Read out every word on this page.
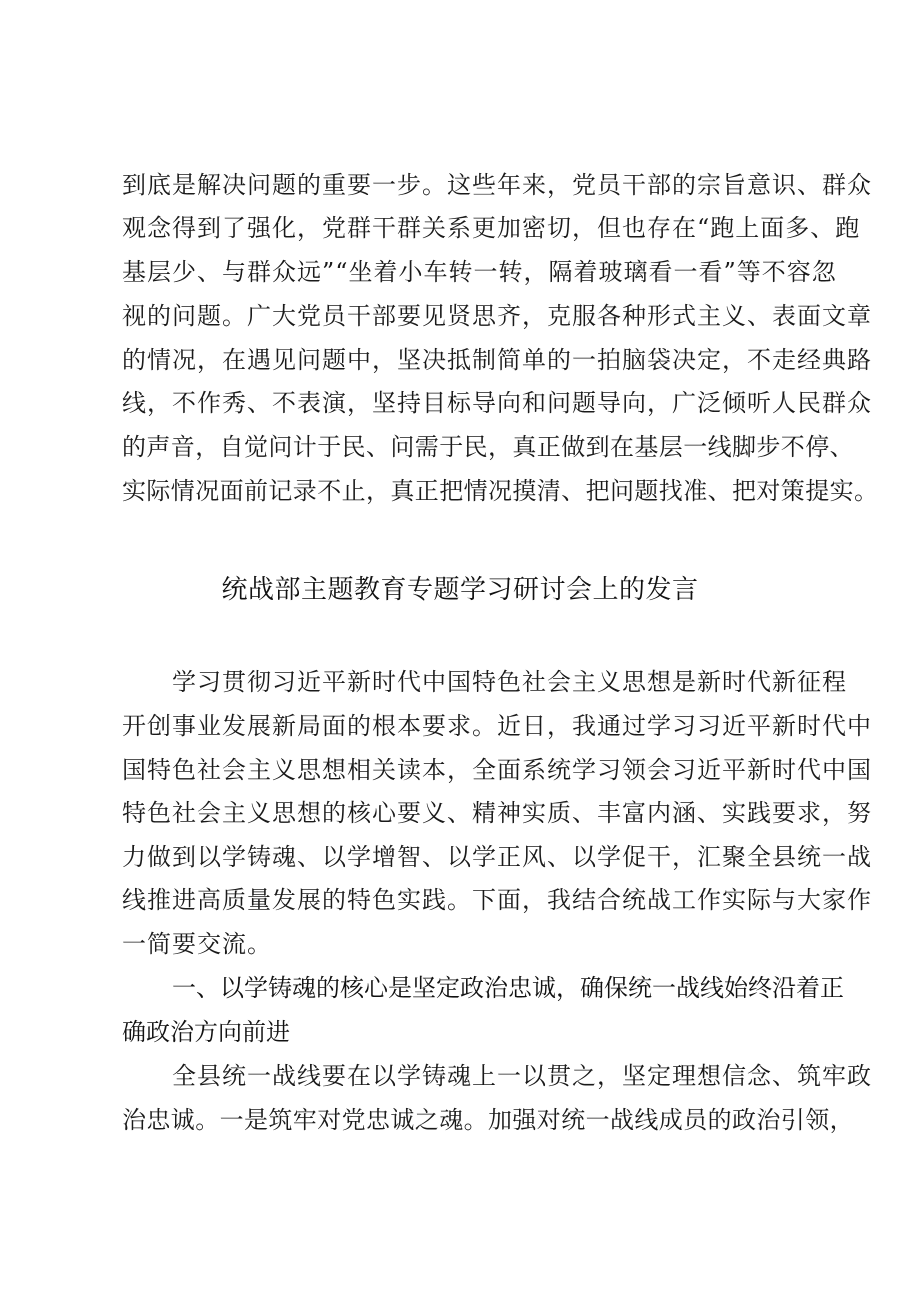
到底是解决问题的重要一步。这些年来，党员干部的宗旨意识、群众
观念得到了强化，党群干群关系更加密切，但也存在“跑上面多、跑
基层少、与群众远”“坐着小车转一转，隔着玻璃看一看”等不容忽
视的问题。广大党员干部要见贤思齐，克服各种形式主义、表面文章
的情况，在遇见问题中，坚决抵制简单的一拍脑袋决定，不走经典路
线，不作秀、不表演，坚持目标导向和问题导向，广泛倾听人民群众
的声音，自觉问计于民、问需于民，真正做到在基层一线脚步不停、
实际情况面前记录不止，真正把情况摸清、把问题找准、把对策提实。
统战部主题教育专题学习研讨会上的发言
学习贯彻习近平新时代中国特色社会主义思想是新时代新征程
开创事业发展新局面的根本要求。近日，我通过学习习近平新时代中
国特色社会主义思想相关读本，全面系统学习领会习近平新时代中国
特色社会主义思想的核心要义、精神实质、丰富内涵、实践要求，努
力做到以学铸魂、以学增智、以学正风、以学促干，汇聚全县统一战
线推进高质量发展的特色实践。下面，我结合统战工作实际与大家作
一简要交流。
一、以学铸魂的核心是坚定政治忠诚，确保统一战线始终沿着正
确政治方向前进
全县统一战线要在以学铸魂上一以贯之，坚定理想信念、筑牢政
治忠诚。一是筑牢对党忠诚之魂。加强对统一战线成员的政治引领，
